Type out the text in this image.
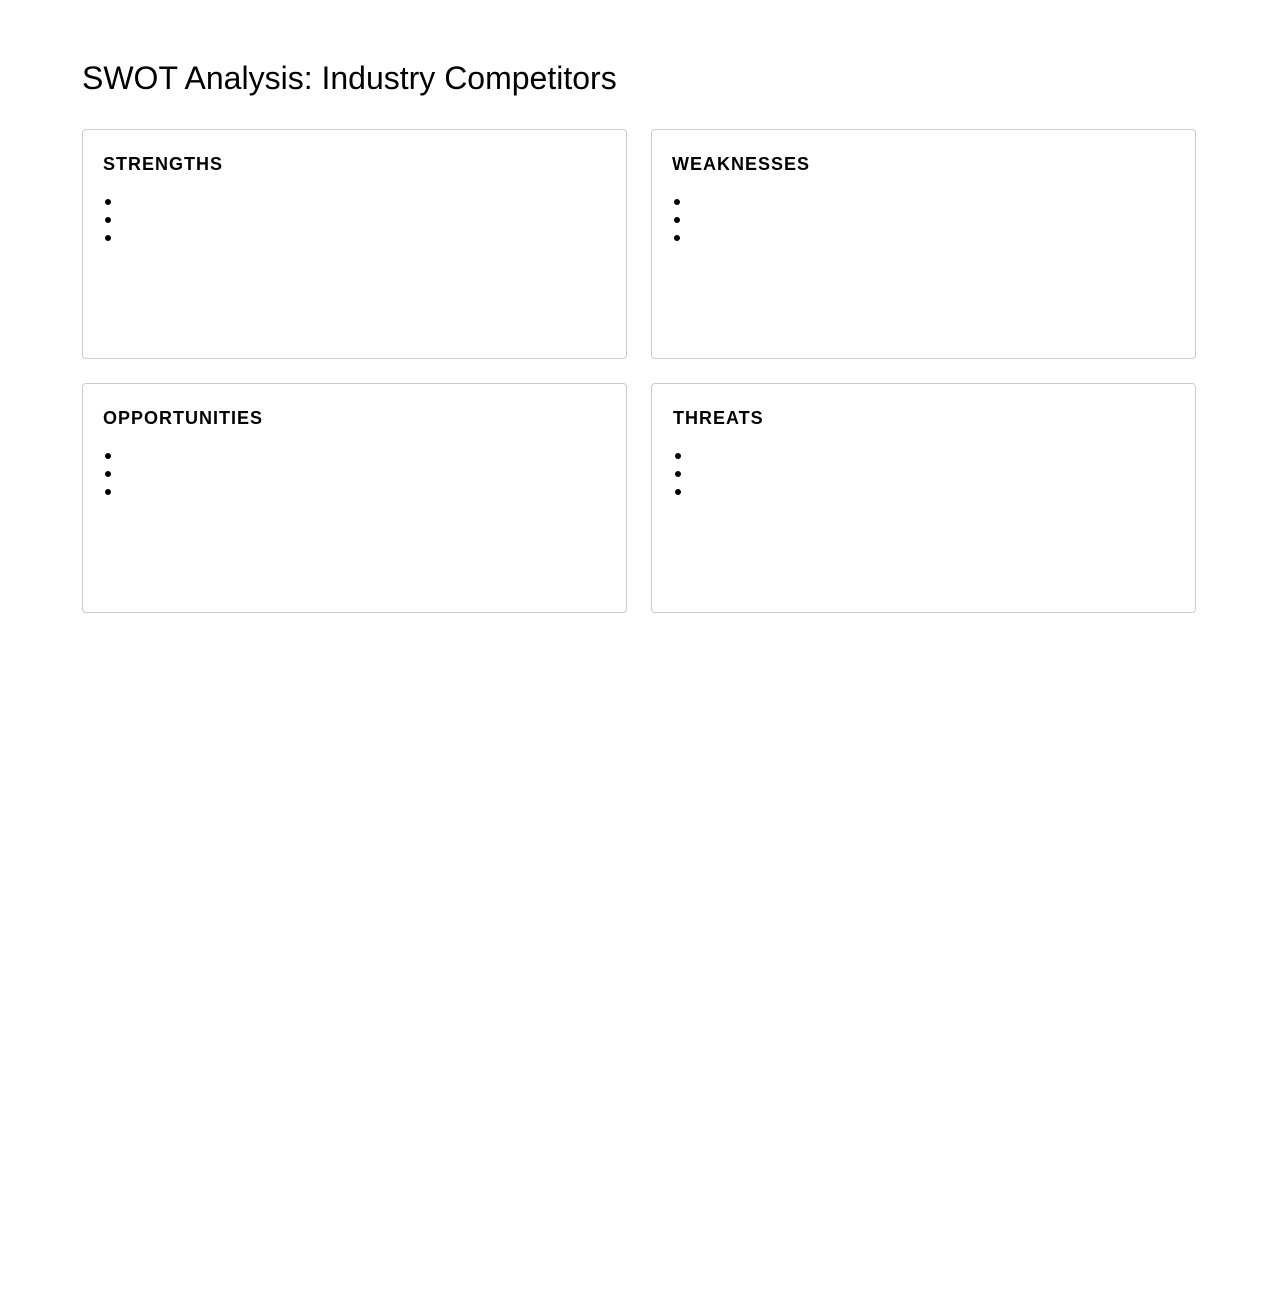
SWOT Analysis: Industry Competitors
STRENGTHS	WEAKNESSES
OPPORTUNITIES	THREATS
